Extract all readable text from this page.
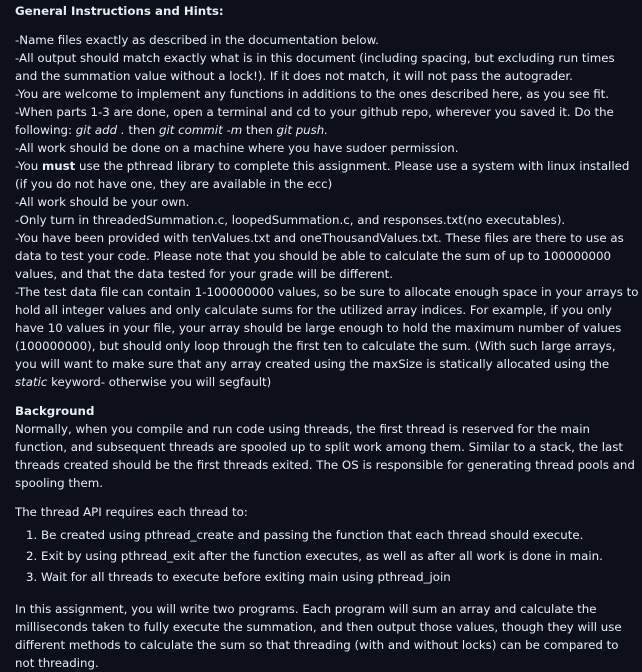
General Instructions and Hints:

-Name files exactly as described in the documentation below.

-All output should match exactly what is in this document (including spacing, but excluding run times and the summation value without a lock!). If it does not match, it will not pass the autograder.

-You are welcome to implement any functions in additions to the ones described here, as you see fit.

-When parts 1-3 are done, open a terminal and cd to your github repo, wherever you saved it. Do the following: git add . then git commit -m then git push.

-All work should be done on a machine where you have sudoer permission.

-You must use the pthread library to complete this assignment. Please use a system with linux installed (if you do not have one, they are available in the ecc)

-All work should be your own.

-Only turn in threadedSummation.c, loopedSummation.c, and responses.txt(no executables).

-You have been provided with tenValues.txt and oneThousandValues.txt. These files are there to use as data to test your code. Please note that you should be able to calculate the sum of up to 100000000 values, and that the data tested for your grade will be different.

-The test data file can contain 1-100000000 values, so be sure to allocate enough space in your arrays to hold all integer values and only calculate sums for the utilized array indices. For example, if you only have 10 values in your file, your array should be large enough to hold the maximum number of values (100000000), but should only loop through the first ten to calculate the sum. (With such large arrays, you will want to make sure that any array created using the maxSize is statically allocated using the static keyword- otherwise you will segfault)

Background

Normally, when you compile and run code using threads, the first thread is reserved for the main function, and subsequent threads are spooled up to split work among them. Similar to a stack, the last threads created should be the first threads exited. The OS is responsible for generating thread pools and spooling them.

The thread API requires each thread to:

1. Be created using pthread_create and passing the function that each thread should execute.
2. Exit by using pthread_exit after the function executes, as well as after all work is done in main.
3. Wait for all threads to execute before exiting main using pthread_join

In this assignment, you will write two programs. Each program will sum an array and calculate the milliseconds taken to fully execute the summation, and then output those values, though they will use different methods to calculate the sum so that threading (with and without locks) can be compared to not threading.
